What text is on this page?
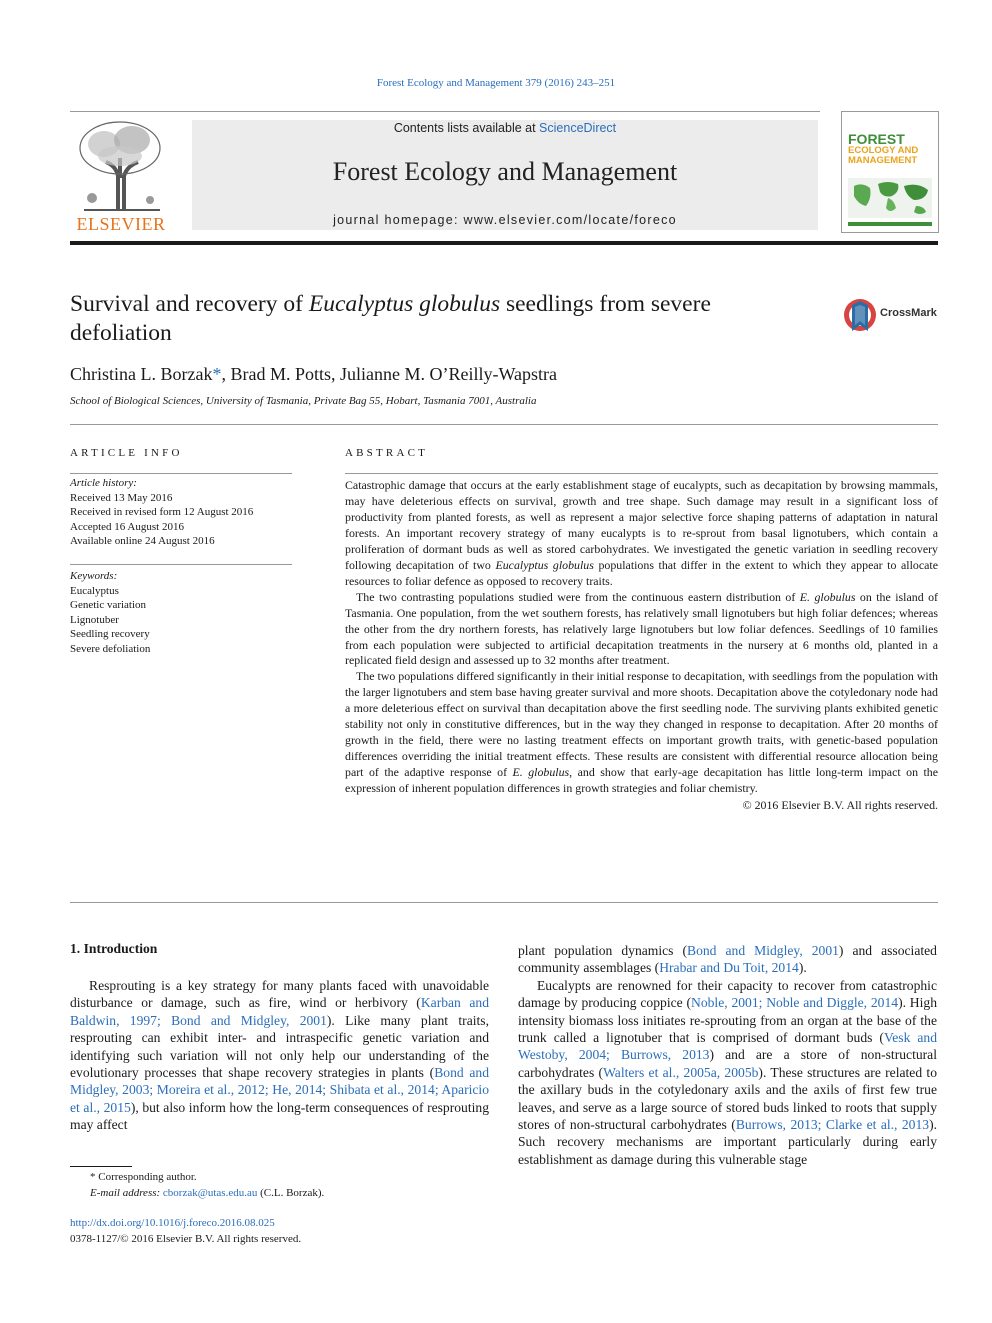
Forest Ecology and Management 379 (2016) 243–251
ELSEVIER
Contents lists available at ScienceDirect
Forest Ecology and Management
journal homepage: www.elsevier.com/locate/foreco
FOREST
ECOLOGY AND
MANAGEMENT
Survival and recovery of Eucalyptus globulus seedlings from severe defoliation
CrossMark
Christina L. Borzak*, Brad M. Potts, Julianne M. O’Reilly-Wapstra
School of Biological Sciences, University of Tasmania, Private Bag 55, Hobart, Tasmania 7001, Australia
ARTICLE INFO
Article history:
Received 13 May 2016
Received in revised form 12 August 2016
Accepted 16 August 2016
Available online 24 August 2016
Keywords:
Eucalyptus
Genetic variation
Lignotuber
Seedling recovery
Severe defoliation
ABSTRACT

Catastrophic damage that occurs at the early establishment stage of eucalypts, such as decapitation by browsing mammals, may have deleterious effects on survival, growth and tree shape. Such damage may result in a significant loss of productivity from planted forests, as well as represent a major selective force shaping patterns of adaptation in natural forests. An important recovery strategy of many eucalypts is to re-sprout from basal lignotubers, which contain a proliferation of dormant buds as well as stored carbohydrates. We investigated the genetic variation in seedling recovery following decapitation of two Eucalyptus globulus populations that differ in the extent to which they appear to allocate resources to foliar defence as opposed to recovery traits.

The two contrasting populations studied were from the continuous eastern distribution of E. globulus on the island of Tasmania. One population, from the wet southern forests, has relatively small lignotubers but high foliar defences; whereas the other from the dry northern forests, has relatively large lignotubers but low foliar defences. Seedlings of 10 families from each population were subjected to artificial decapitation treatments in the nursery at 6 months old, planted in a replicated field design and assessed up to 32 months after treatment.

The two populations differed significantly in their initial response to decapitation, with seedlings from the population with the larger lignotubers and stem base having greater survival and more shoots. Decapitation above the cotyledonary node had a more deleterious effect on survival than decapitation above the first seedling node. The surviving plants exhibited genetic stability not only in constitutive differences, but in the way they changed in response to decapitation. After 20 months of growth in the field, there were no lasting treatment effects on important growth traits, with genetic-based population differences overriding the initial treatment effects. These results are consistent with differential resource allocation being part of the adaptive response of E. globulus, and show that early-age decapitation has little long-term impact on the expression of inherent population differences in growth strategies and foliar chemistry.

© 2016 Elsevier B.V. All rights reserved.

1. Introduction

Resprouting is a key strategy for many plants faced with unavoidable disturbance or damage, such as fire, wind or herbivory (Karban and Baldwin, 1997; Bond and Midgley, 2001). Like many plant traits, resprouting can exhibit inter- and intraspecific genetic variation and identifying such variation will not only help our understanding of the evolutionary processes that shape recovery strategies in plants (Bond and Midgley, 2003; Moreira et al., 2012; He, 2014; Shibata et al., 2014; Aparicio et al., 2015), but also inform how the long-term consequences of resprouting may affect

plant population dynamics (Bond and Midgley, 2001) and associated community assemblages (Hrabar and Du Toit, 2014).

Eucalypts are renowned for their capacity to recover from catastrophic damage by producing coppice (Noble, 2001; Noble and Diggle, 2014). High intensity biomass loss initiates re-sprouting from an organ at the base of the trunk called a lignotuber that is comprised of dormant buds (Vesk and Westoby, 2004; Burrows, 2013) and are a store of non-structural carbohydrates (Walters et al., 2005a, 2005b). These structures are related to the axillary buds in the cotyledonary axils and the axils of first few true leaves, and serve as a large source of stored buds linked to roots that supply stores of non-structural carbohydrates (Burrows, 2013; Clarke et al., 2013). Such recovery mechanisms are important particularly during early establishment as damage during this vulnerable stage

* Corresponding author.
E-mail address: cborzak@utas.edu.au (C.L. Borzak).
http://dx.doi.org/10.1016/j.foreco.2016.08.025
0378-1127/© 2016 Elsevier B.V. All rights reserved.
